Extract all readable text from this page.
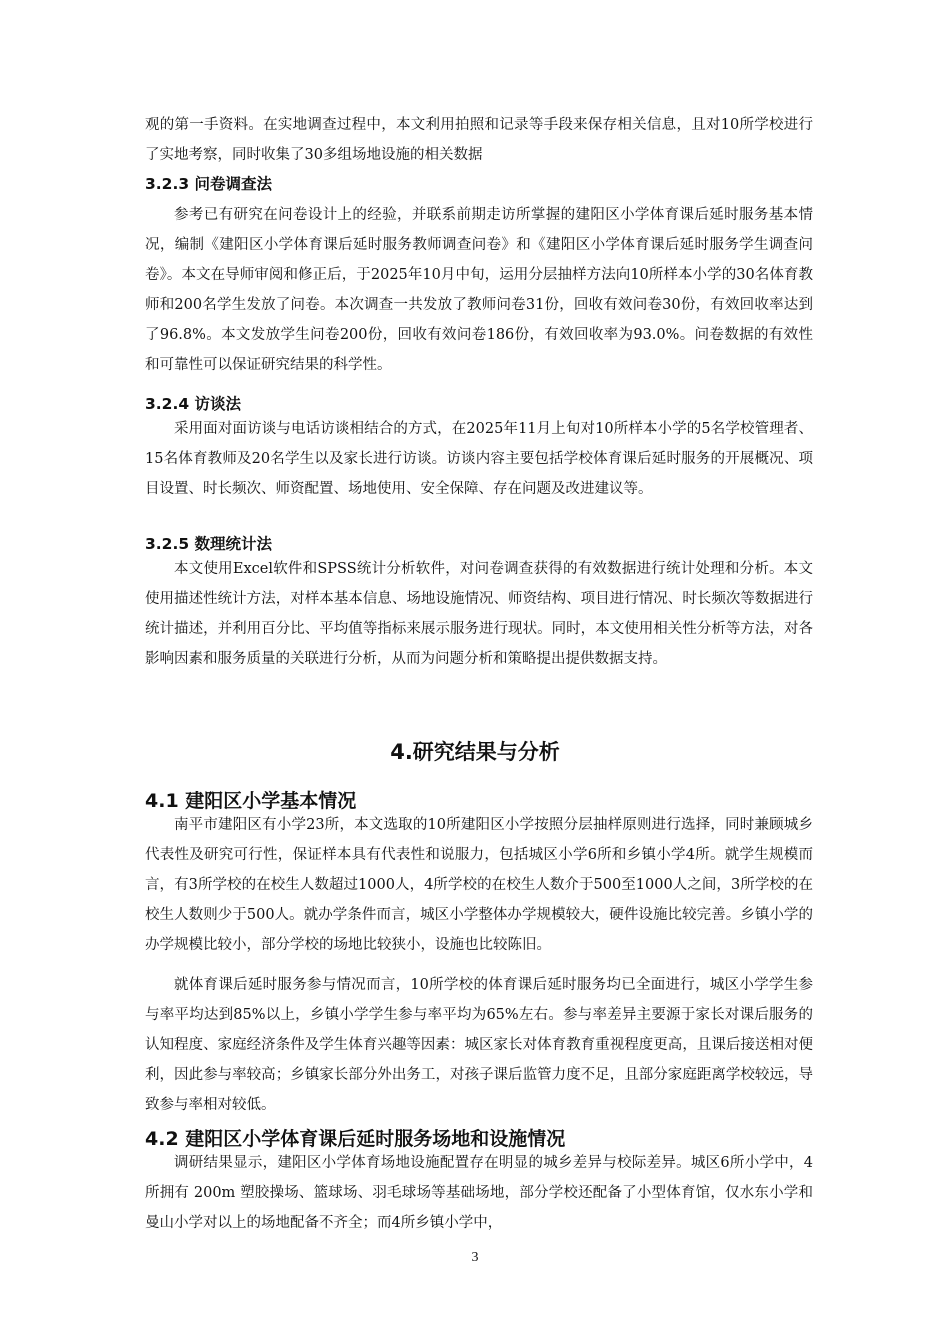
观的第一手资料。在实地调查过程中，本文利用拍照和记录等手段来保存相关信息，且对10所学校进行了实地考察，同时收集了30多组场地设施的相关数据

3.2.3 问卷调查法

参考已有研究在问卷设计上的经验，并联系前期走访所掌握的建阳区小学体育课后延时服务基本情况，编制《建阳区小学体育课后延时服务教师调查问卷》和《建阳区小学体育课后延时服务学生调查问卷》。本文在导师审阅和修正后，于2025年10月中旬，运用分层抽样方法向10所样本小学的30名体育教师和200名学生发放了问卷。本次调查一共发放了教师问卷31份，回收有效问卷30份，有效回收率达到了96.8%。本文发放学生问卷200份，回收有效问卷186份，有效回收率为93.0%。问卷数据的有效性和可靠性可以保证研究结果的科学性。

3.2.4 访谈法

采用面对面访谈与电话访谈相结合的方式，在2025年11月上旬对10所样本小学的5名学校管理者、15名体育教师及20名学生以及家长进行访谈。访谈内容主要包括学校体育课后延时服务的开展概况、项目设置、时长频次、师资配置、场地使用、安全保障、存在问题及改进建议等。

3.2.5 数理统计法

本文使用Excel软件和SPSS统计分析软件，对问卷调查获得的有效数据进行统计处理和分析。本文使用描述性统计方法，对样本基本信息、场地设施情况、师资结构、项目进行情况、时长频次等数据进行统计描述，并利用百分比、平均值等指标来展示服务进行现状。同时，本文使用相关性分析等方法，对各影响因素和服务质量的关联进行分析，从而为问题分析和策略提出提供数据支持。

4.研究结果与分析
4.1 建阳区小学基本情况

南平市建阳区有小学23所，本文选取的10所建阳区小学按照分层抽样原则进行选择，同时兼顾城乡代表性及研究可行性，保证样本具有代表性和说服力，包括城区小学6所和乡镇小学4所。就学生规模而言，有3所学校的在校生人数超过1000人，4所学校的在校生人数介于500至1000人之间，3所学校的在校生人数则少于500人。就办学条件而言，城区小学整体办学规模较大，硬件设施比较完善。乡镇小学的办学规模比较小，部分学校的场地比较狭小，设施也比较陈旧。

就体育课后延时服务参与情况而言，10所学校的体育课后延时服务均已全面进行，城区小学学生参与率平均达到85%以上，乡镇小学学生参与率平均为65%左右。参与率差异主要源于家长对课后服务的认知程度、家庭经济条件及学生体育兴趣等因素：城区家长对体育教育重视程度更高，且课后接送相对便利，因此参与率较高；乡镇家长部分外出务工，对孩子课后监管力度不足，且部分家庭距离学校较远，导致参与率相对较低。

4.2 建阳区小学体育课后延时服务场地和设施情况

调研结果显示，建阳区小学体育场地设施配置存在明显的城乡差异与校际差异。城区6所小学中，4所拥有 200m 塑胶操场、篮球场、羽毛球场等基础场地，部分学校还配备了小型体育馆，仅水东小学和曼山小学对以上的场地配备不齐全；而4所乡镇小学中，

3
